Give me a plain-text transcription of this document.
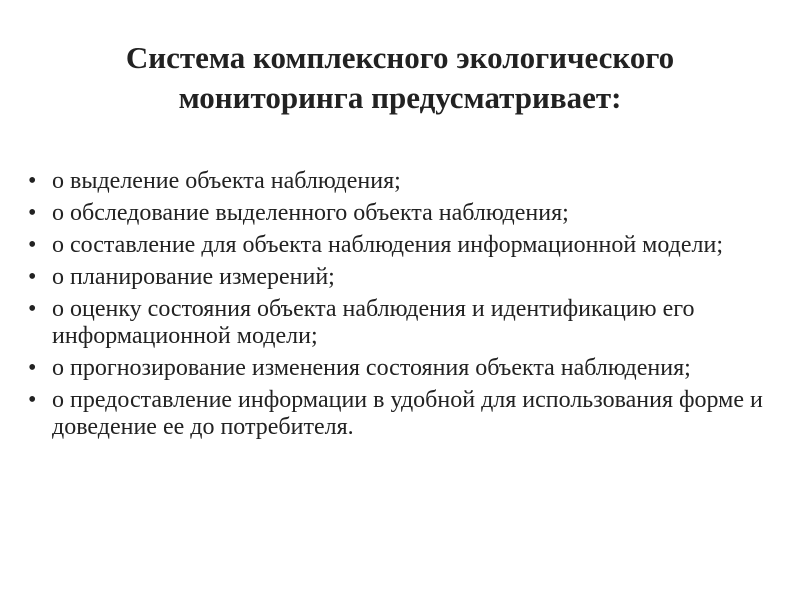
Система комплексного экологического
мониторинга предусматривает:
• о выделение объекта наблюдения;
• о обследование выделенного объекта наблюдения;
• о составление для объекта наблюдения информационной модели;
• о планирование измерений;
• о оценку состояния объекта наблюдения и идентификацию его информационной модели;
• о прогнозирование изменения состояния объекта наблюдения;
• о предоставление информации в удобной для использования форме и доведение ее до потребителя.
